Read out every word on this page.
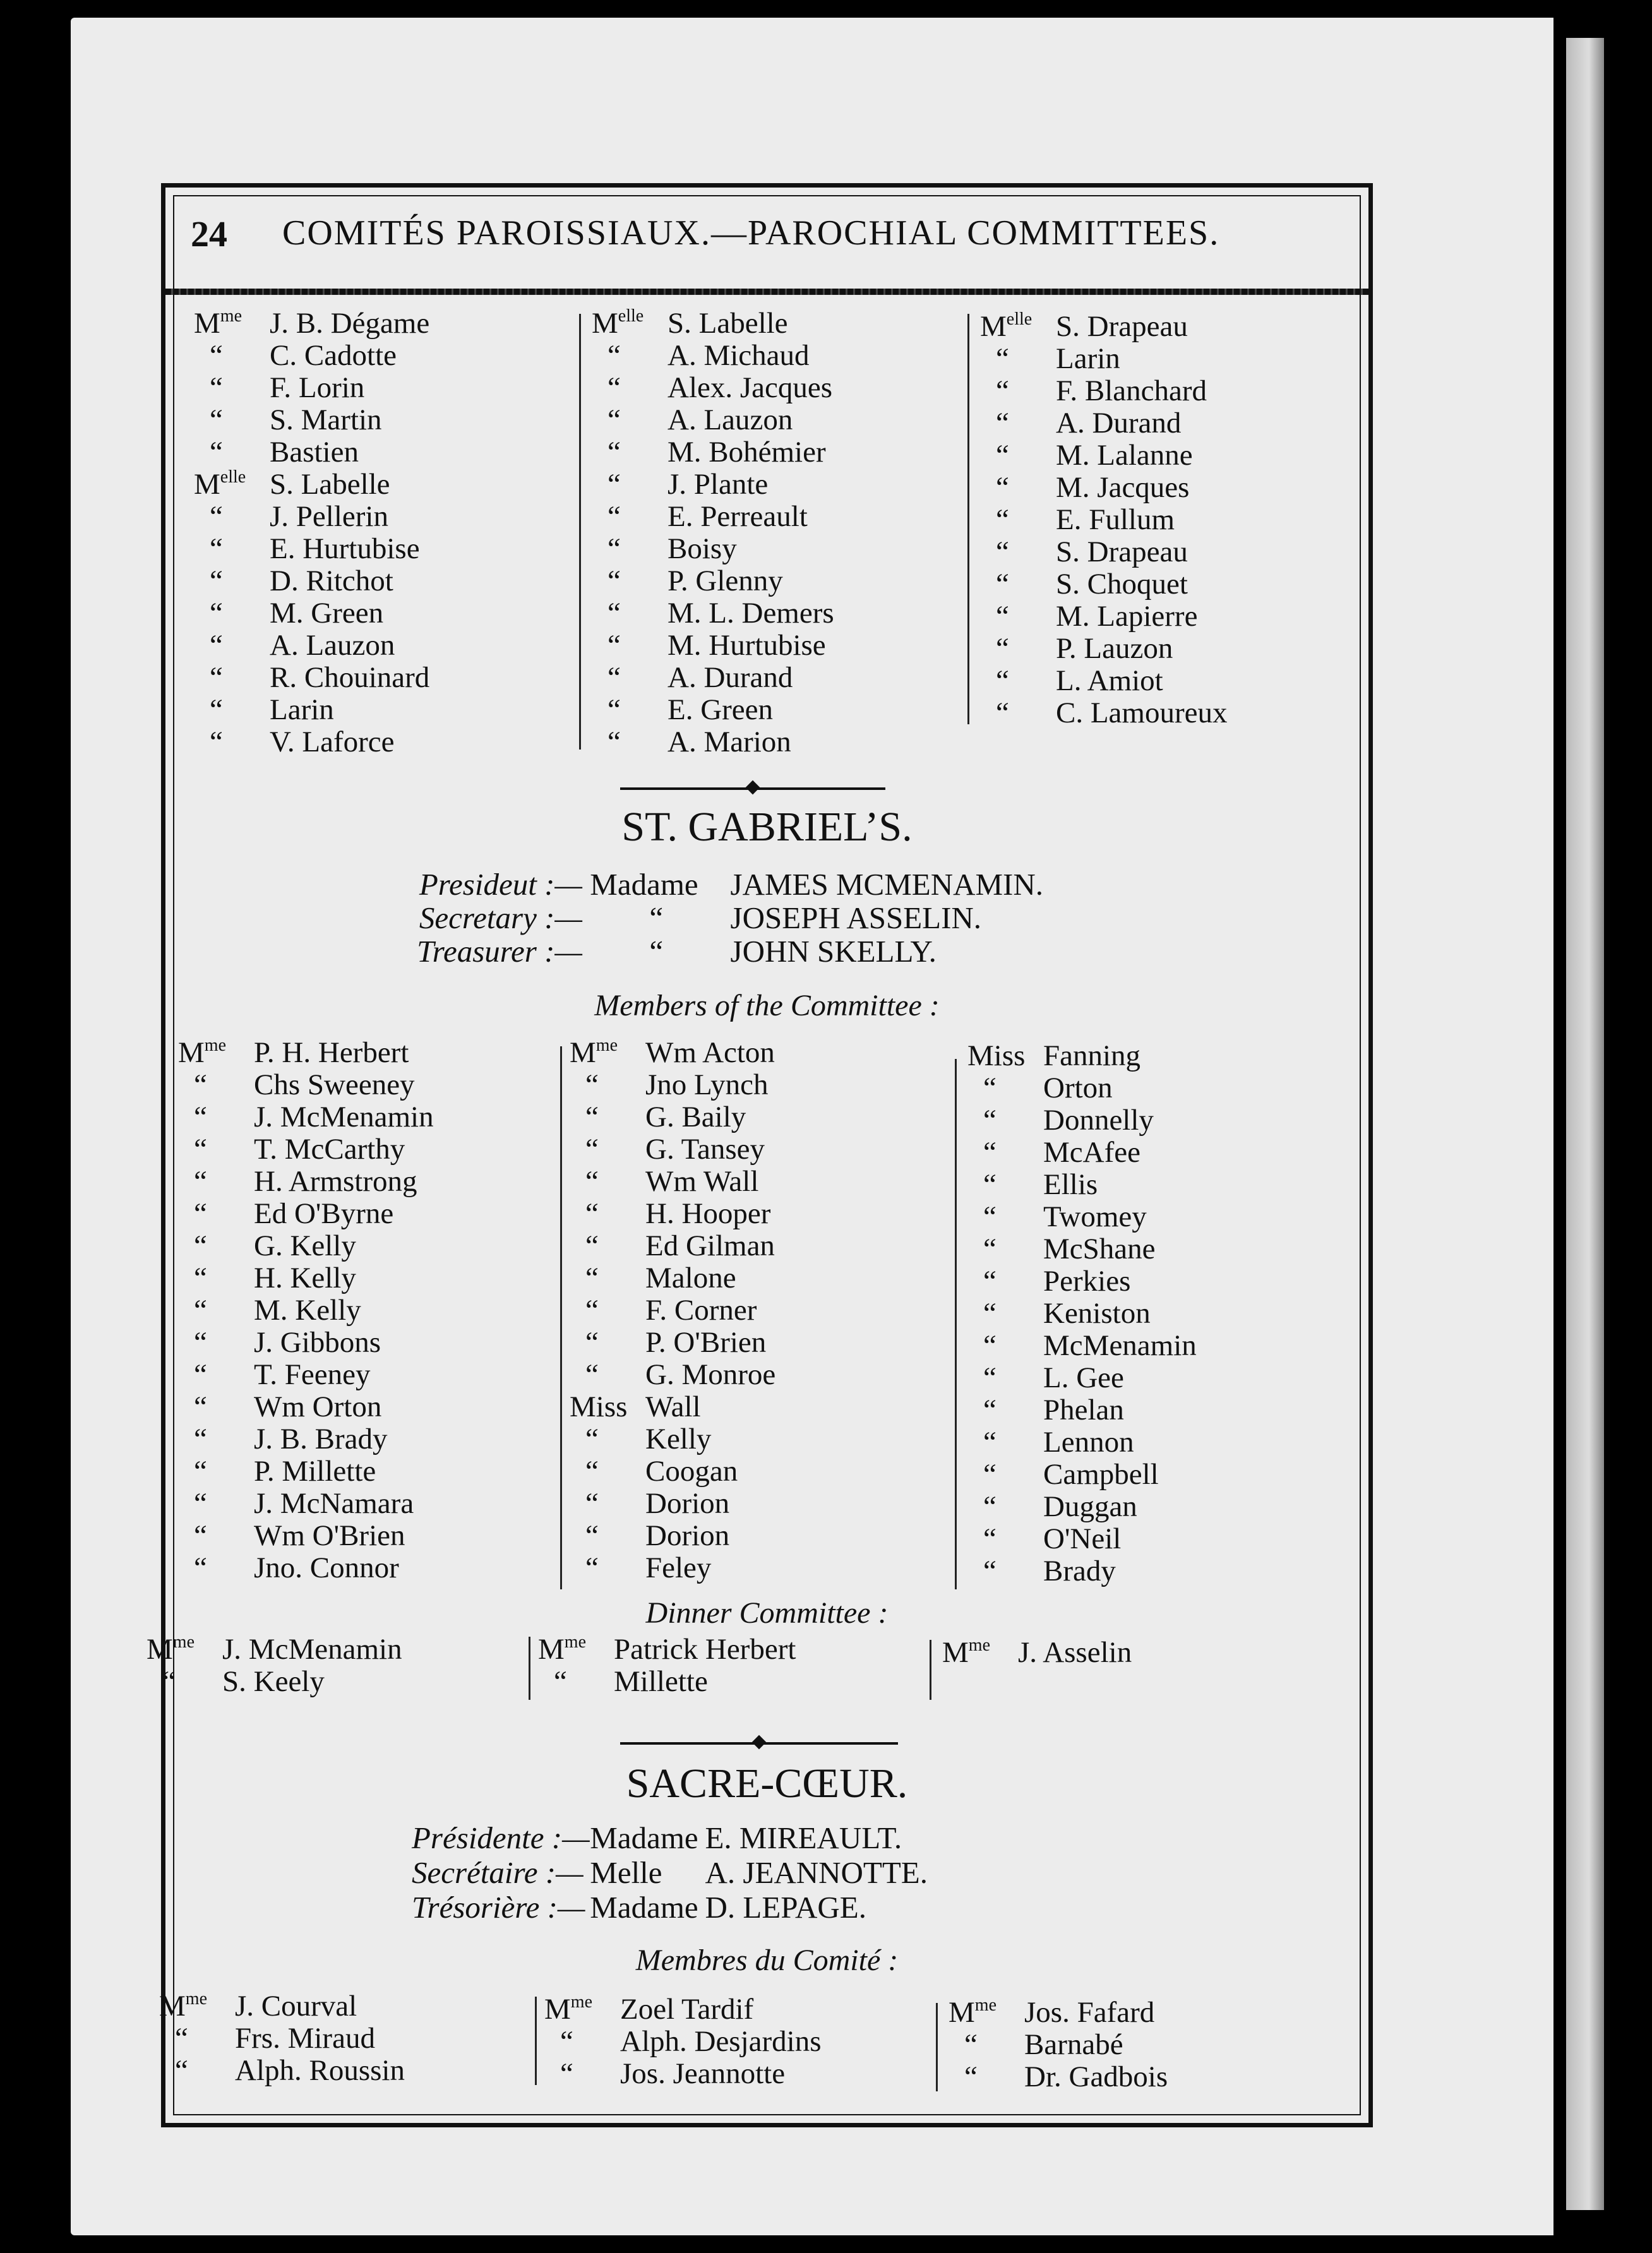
24 COMITÉS PAROISSIAUX.—PAROCHIAL COMMITTEES.
$M^{me}$ J. B. Dégame
“ C. Cadotte
“ F. Lorin
“ S. Martin
“ Bastien
$M^{elle}$ S. Labelle
“ J. Pellerin
“ E. Hurtubise
“ D. Ritchot
“ M. Green
“ A. Lauzon
“ R. Chouinard
“ Larin
“ V. Laforce
$M^{elle}$ S. Labelle
“ A. Michaud
“ Alex. Jacques
“ A. Lauzon
“ M. Bohémier
“ J. Plante
“ E. Perreault
“ Boisy
“ P. Glenny
“ M. L. Demers
“ M. Hurtubise
“ A. Durand
“ E. Green
“ A. Marion
$M^{elle}$ S. Drapeau
“ Larin
“ F. Blanchard
“ A. Durand
“ M. Lalanne
“ M. Jacques
“ E. Fullum
“ S. Drapeau
“ S. Choquet
“ M. Lapierre
“ P. Lauzon
“ L. Amiot
“ C. Lamoureux
ST. GABRIEL’S.
Presideut :— Madame JAMES MCMENAMIN.
Secretary :— “ JOSEPH ASSELIN.
Treasurer :— “ JOHN SKELLY.
Members of the Committee :
$M^{me}$ P. H. Herbert
“ Chs Sweeney
“ J. McMenamin
“ T. McCarthy
“ H. Armstrong
“ Ed O'Byrne
“ G. Kelly
“ H. Kelly
“ M. Kelly
“ J. Gibbons
“ T. Feeney
“ Wm Orton
“ J. B. Brady
“ P. Millette
“ J. McNamara
“ Wm O'Brien
“ Jno. Connor
$M^{me}$ Wm Acton
“ Jno Lynch
“ G. Baily
“ G. Tansey
“ Wm Wall
“ H. Hooper
“ Ed Gilman
“ Malone
“ F. Corner
“ P. O'Brien
“ G. Monroe
Miss Wall
“ Kelly
“ Coogan
“ Dorion
“ Dorion
“ Feley
Miss Fanning
“ Orton
“ Donnelly
“ McAfee
“ Ellis
“ Twomey
“ McShane
“ Perkies
“ Keniston
“ McMenamin
“ L. Gee
“ Phelan
“ Lennon
“ Campbell
“ Duggan
“ O'Neil
“ Brady
Dinner Committee :
$M^{me}$ J. McMenamin
“ S. Keely
$M^{me}$ Patrick Herbert
“ Millette
$M^{me}$ J. Asselin
SACRE-CŒUR.
Présidente :— Madame E. MIREAULT.
Secrétaire :— Melle A. JEANNOTTE.
Trésorière :— Madame D. LEPAGE.
Membres du Comité :
$M^{me}$ J. Courval
“ Frs. Miraud
“ Alph. Roussin
$M^{me}$ Zoel Tardif
“ Alph. Desjardins
“ Jos. Jeannotte
$M^{me}$ Jos. Fafard
“ Barnabé
“ Dr. Gadbois
